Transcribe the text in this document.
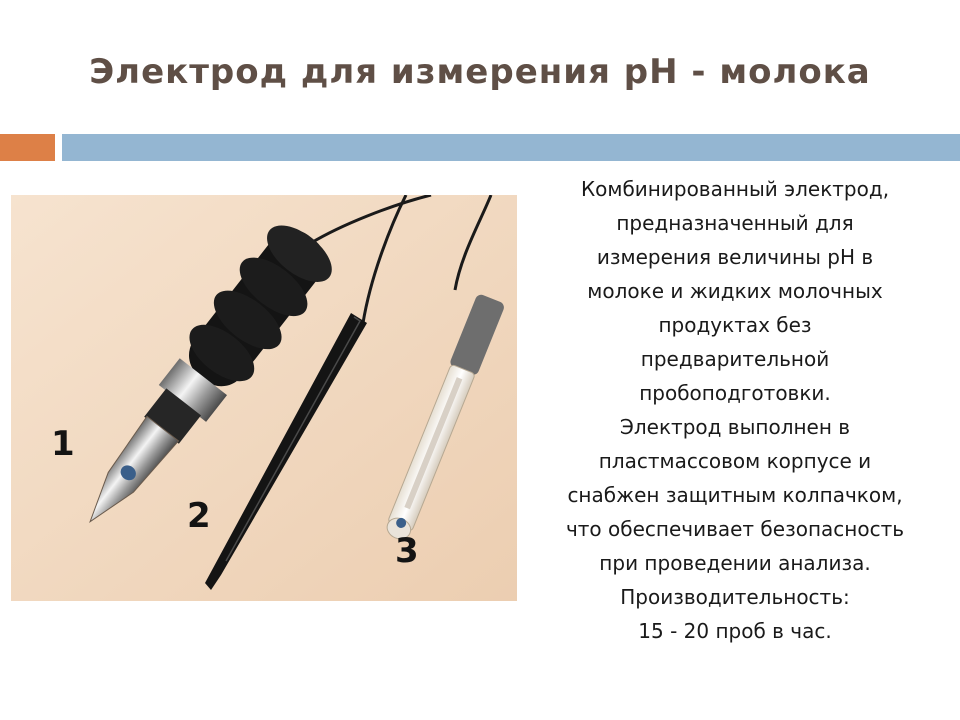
Электрод для измерения рН - молока
1
2
3
Комбинированный электрод,
предназначенный для
измерения величины рН в
молоке и жидких молочных
продуктах без
предварительной
пробоподготовки.
Электрод выполнен в
пластмассовом корпусе и
снабжен защитным колпачком,
что обеспечивает безопасность
при проведении анализа.
Производительность:
15 - 20 проб в час.
